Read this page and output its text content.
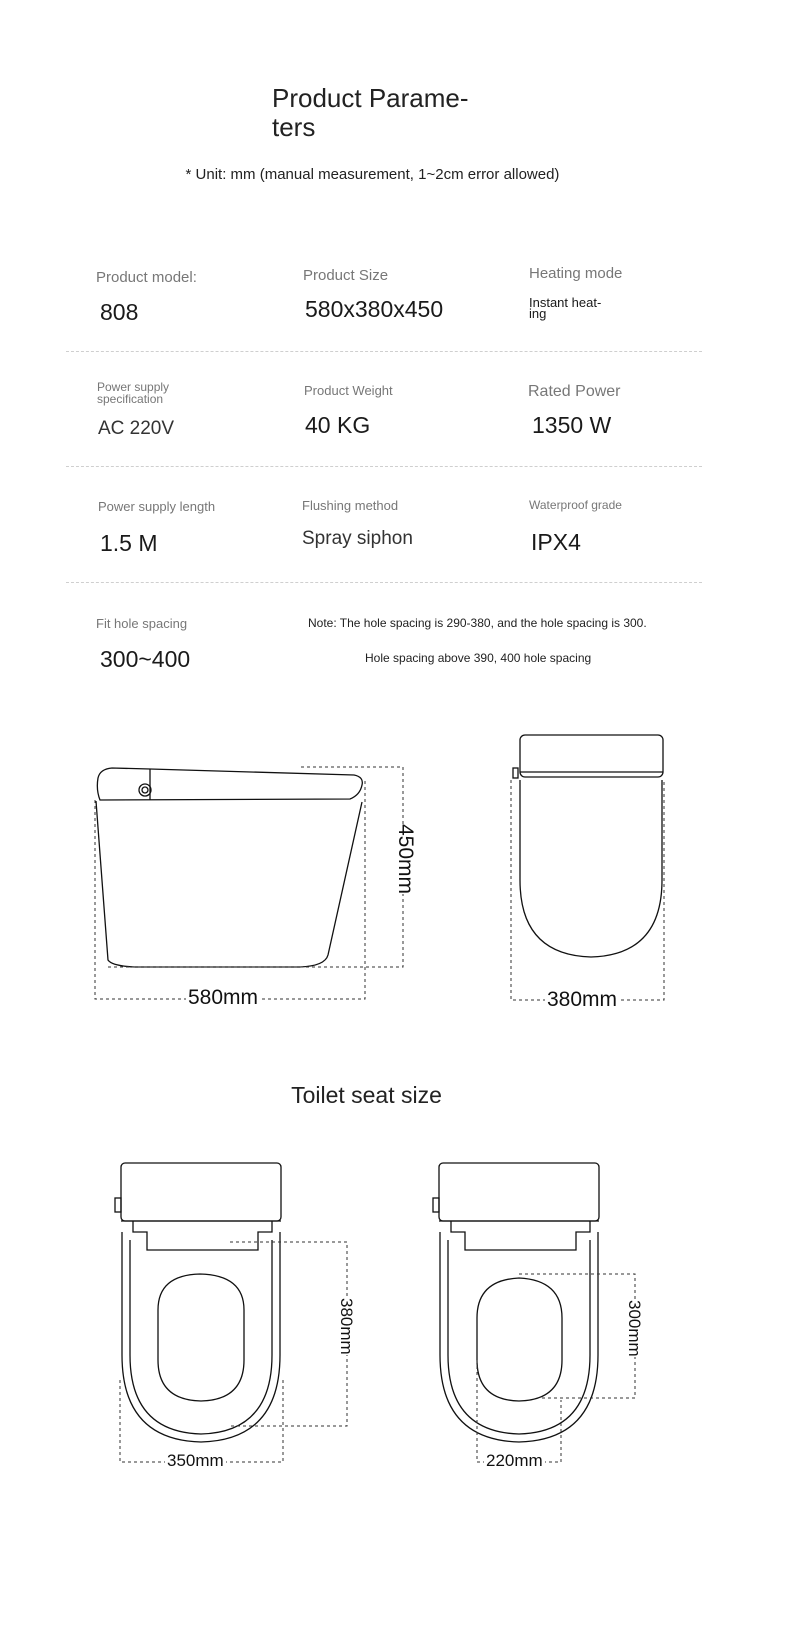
Product Parame- ters
* Unit: mm (manual measurement, 1~2cm error allowed)
Product model:
808
Product Size
580x380x450
Heating mode
Instant heat- ing
Power supply specification
AC 220V
Product Weight
40 KG
Rated Power
1350 W
Power supply length
1.5 M
Flushing method
Spray siphon
Waterproof grade
IPX4
Fit hole spacing
300~400
Note: The hole spacing is 290-380, and the hole spacing is 300.
Hole spacing above 390, 400 hole spacing
450mm
580mm	380mm
Toilet seat size
380mm
350mm
300mm
220mm
